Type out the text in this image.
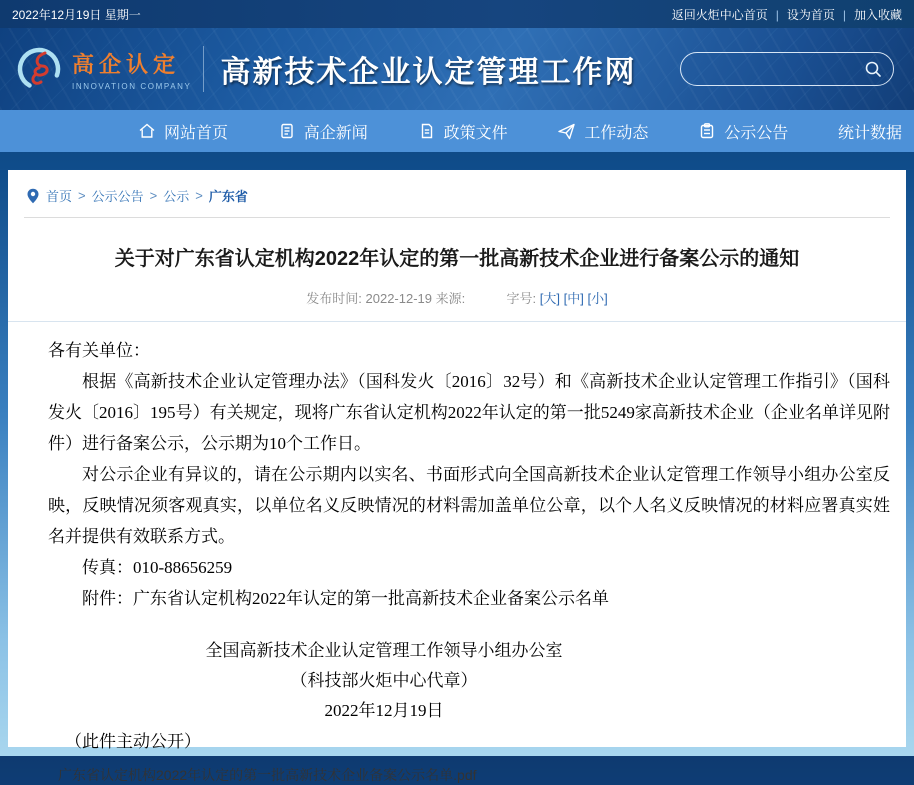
2022年12月19日 星期一	返回火炬中心首页 | 设为首页 | 加入收藏
高企认定
INNOVATION COMPANY 高新技术企业认定管理工作网
网站首页	高企新闻	政策文件	工作动态	公示公告	统计数据
首页 > 公示公告 > 公示 > 广东省
关于对广东省认定机构2022年认定的第一批高新技术企业进行备案公示的通知
发布时间: 2022-12-19 来源:	字号: [大] [中] [小]

各有关单位：

根据《高新技术企业认定管理办法》（国科发火〔2016〕32号）和《高新技术企业认定管理工作指引》（国科发火〔2016〕195号）有关规定，现将广东省认定机构2022年认定的第一批5249家高新技术企业（企业名单详见附件）进行备案公示，公示期为10个工作日。

对公示企业有异议的，请在公示期内以实名、书面形式向全国高新技术企业认定管理工作领导小组办公室反映，反映情况须客观真实，以单位名义反映情况的材料需加盖单位公章，以个人名义反映情况的材料应署真实姓名并提供有效联系方式。

传真：010-88656259

附件：广东省认定机构2022年认定的第一批高新技术企业备案公示名单

全国高新技术企业认定管理工作领导小组办公室

（科技部火炬中心代章）

2022年12月19日

（此件主动公开）

广东省认定机构2022年认定的第一批高新技术企业备案公示名单.pdf
